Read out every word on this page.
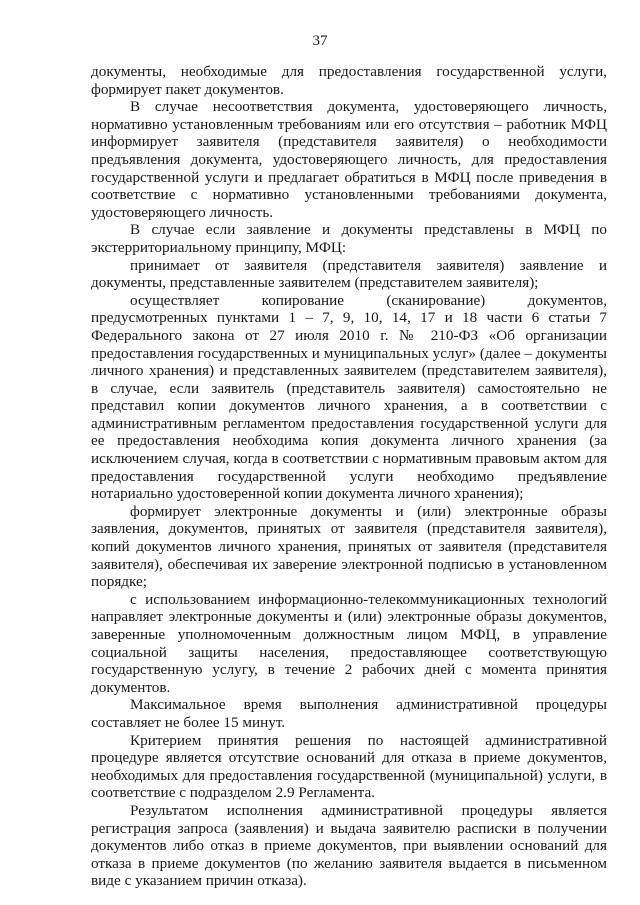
37

документы, необходимые для предоставления государственной услуги, формирует пакет документов.

В случае несоответствия документа, удостоверяющего личность, нормативно установленным требованиям или его отсутствия – работник МФЦ информирует заявителя (представителя заявителя) о необходимости предъявления документа, удостоверяющего личность, для предоставления государственной услуги и предлагает обратиться в МФЦ после приведения в соответствие с нормативно установленными требованиями документа, удостоверяющего личность.

В случае если заявление и документы представлены в МФЦ по экстерриториальному принципу, МФЦ:

принимает от заявителя (представителя заявителя) заявление и документы, представленные заявителем (представителем заявителя);

осуществляет копирование (сканирование) документов, предусмотренных пунктами 1 – 7, 9, 10, 14, 17 и 18 части 6 статьи 7 Федерального закона от 27 июля 2010 г. № 210-ФЗ «Об организации предоставления государственных и муниципальных услуг» (далее – документы личного хранения) и представленных заявителем (представителем заявителя), в случае, если заявитель (представитель заявителя) самостоятельно не представил копии документов личного хранения, а в соответствии с административным регламентом предоставления государственной услуги для ее предоставления необходима копия документа личного хранения (за исключением случая, когда в соответствии с нормативным правовым актом для предоставления государственной услуги необходимо предъявление нотариально удостоверенной копии документа личного хранения);

формирует электронные документы и (или) электронные образы заявления, документов, принятых от заявителя (представителя заявителя), копий документов личного хранения, принятых от заявителя (представителя заявителя), обеспечивая их заверение электронной подписью в установленном порядке;

с использованием информационно-телекоммуникационных технологий направляет электронные документы и (или) электронные образы документов, заверенные уполномоченным должностным лицом МФЦ, в управление социальной защиты населения, предоставляющее соответствующую государственную услугу, в течение 2 рабочих дней с момента принятия документов.

Максимальное время выполнения административной процедуры составляет не более 15 минут.

Критерием принятия решения по настоящей административной процедуре является отсутствие оснований для отказа в приеме документов, необходимых для предоставления государственной (муниципальной) услуги, в соответствие с подразделом 2.9 Регламента.

Результатом исполнения административной процедуры является регистрация запроса (заявления) и выдача заявителю расписки в получении документов либо отказ в приеме документов, при выявлении оснований для отказа в приеме документов (по желанию заявителя выдается в письменном виде с указанием причин отказа).
